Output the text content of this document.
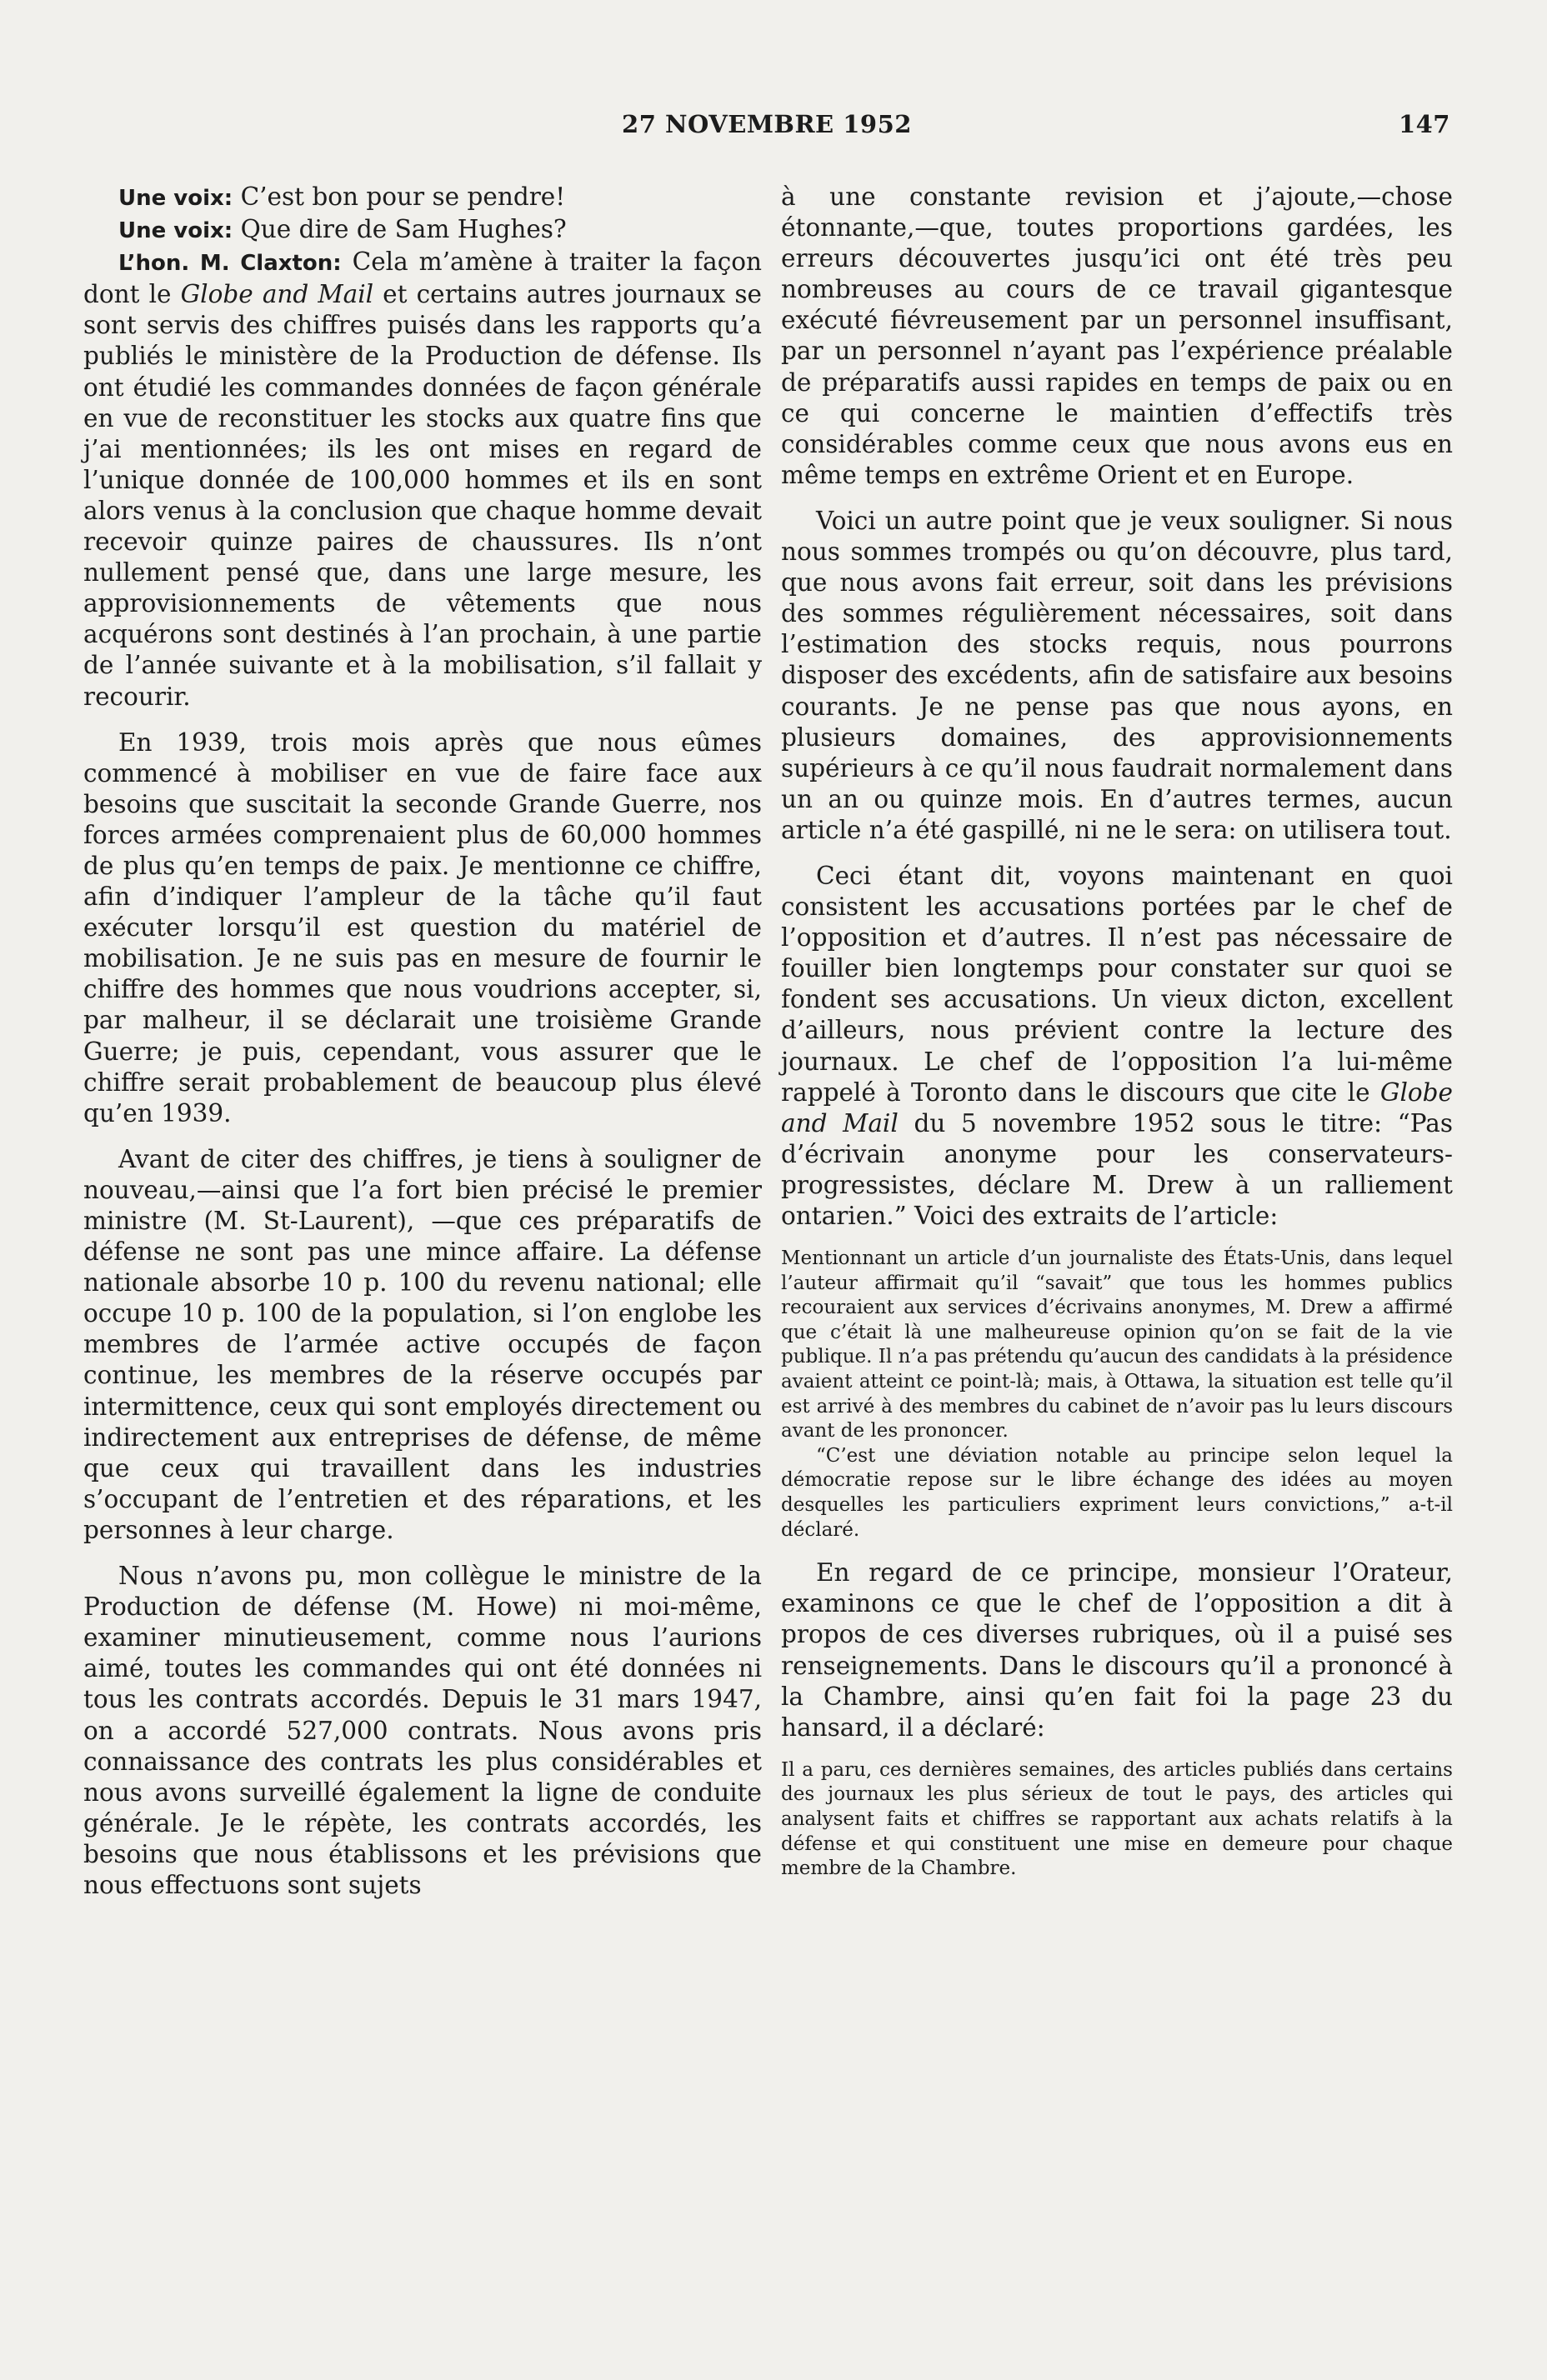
27 NOVEMBRE 1952	147

Une voix: C’est bon pour se pendre!

Une voix: Que dire de Sam Hughes?

L’hon. M. Claxton: Cela m’amène à traiter la façon dont le Globe and Mail et certains autres journaux se sont servis des chiffres puisés dans les rapports qu’a publiés le ministère de la Production de défense. Ils ont étudié les commandes données de façon générale en vue de reconstituer les stocks aux quatre fins que j’ai mentionnées; ils les ont mises en regard de l’unique donnée de 100,000 hommes et ils en sont alors venus à la conclusion que chaque homme devait recevoir quinze paires de chaussures. Ils n’ont nullement pensé que, dans une large mesure, les approvisionnements de vêtements que nous acquérons sont destinés à l’an prochain, à une partie de l’année suivante et à la mobilisation, s’il fallait y recourir.

En 1939, trois mois après que nous eûmes commencé à mobiliser en vue de faire face aux besoins que suscitait la seconde Grande Guerre, nos forces armées comprenaient plus de 60,000 hommes de plus qu’en temps de paix. Je mentionne ce chiffre, afin d’indiquer l’ampleur de la tâche qu’il faut exécuter lorsqu’il est question du matériel de mobilisation. Je ne suis pas en mesure de fournir le chiffre des hommes que nous voudrions accepter, si, par malheur, il se déclarait une troisième Grande Guerre; je puis, cependant, vous assurer que le chiffre serait probablement de beaucoup plus élevé qu’en 1939.

Avant de citer des chiffres, je tiens à souligner de nouveau,—ainsi que l’a fort bien précisé le premier ministre (M. St-Laurent), —que ces préparatifs de défense ne sont pas une mince affaire. La défense nationale absorbe 10 p. 100 du revenu national; elle occupe 10 p. 100 de la population, si l’on englobe les membres de l’armée active occupés de façon continue, les membres de la réserve occupés par intermittence, ceux qui sont employés directement ou indirectement aux entreprises de défense, de même que ceux qui travaillent dans les industries s’occupant de l’entretien et des réparations, et les personnes à leur charge.

Nous n’avons pu, mon collègue le ministre de la Production de défense (M. Howe) ni moi-même, examiner minutieusement, comme nous l’aurions aimé, toutes les commandes qui ont été données ni tous les contrats accordés. Depuis le 31 mars 1947, on a accordé 527,000 contrats. Nous avons pris connaissance des contrats les plus considérables et nous avons surveillé également la ligne de conduite générale. Je le répète, les contrats accordés, les besoins que nous établissons et les prévisions que nous effectuons sont sujets

à une constante revision et j’ajoute,—chose étonnante,—que, toutes proportions gardées, les erreurs découvertes jusqu’ici ont été très peu nombreuses au cours de ce travail gigantesque exécuté fiévreusement par un personnel insuffisant, par un personnel n’ayant pas l’expérience préalable de préparatifs aussi rapides en temps de paix ou en ce qui concerne le maintien d’effectifs très considérables comme ceux que nous avons eus en même temps en extrême Orient et en Europe.

Voici un autre point que je veux souligner. Si nous nous sommes trompés ou qu’on découvre, plus tard, que nous avons fait erreur, soit dans les prévisions des sommes régulièrement nécessaires, soit dans l’estimation des stocks requis, nous pourrons disposer des excédents, afin de satisfaire aux besoins courants. Je ne pense pas que nous ayons, en plusieurs domaines, des approvisionnements supérieurs à ce qu’il nous faudrait normalement dans un an ou quinze mois. En d’autres termes, aucun article n’a été gaspillé, ni ne le sera: on utilisera tout.

Ceci étant dit, voyons maintenant en quoi consistent les accusations portées par le chef de l’opposition et d’autres. Il n’est pas nécessaire de fouiller bien longtemps pour constater sur quoi se fondent ses accusations. Un vieux dicton, excellent d’ailleurs, nous prévient contre la lecture des journaux. Le chef de l’opposition l’a lui-même rappelé à Toronto dans le discours que cite le Globe and Mail du 5 novembre 1952 sous le titre: “Pas d’écrivain anonyme pour les conservateurs-progressistes, déclare M. Drew à un ralliement ontarien.” Voici des extraits de l’article:

Mentionnant un article d’un journaliste des États-Unis, dans lequel l’auteur affirmait qu’il “savait” que tous les hommes publics recouraient aux services d’écrivains anonymes, M. Drew a affirmé que c’était là une malheureuse opinion qu’on se fait de la vie publique. Il n’a pas prétendu qu’aucun des candidats à la présidence avaient atteint ce point-là; mais, à Ottawa, la situation est telle qu’il est arrivé à des membres du cabinet de n’avoir pas lu leurs discours avant de les prononcer.

“C’est une déviation notable au principe selon lequel la démocratie repose sur le libre échange des idées au moyen desquelles les particuliers expriment leurs convictions,” a-t-il déclaré.

En regard de ce principe, monsieur l’Orateur, examinons ce que le chef de l’opposition a dit à propos de ces diverses rubriques, où il a puisé ses renseignements. Dans le discours qu’il a prononcé à la Chambre, ainsi qu’en fait foi la page 23 du hansard, il a déclaré:

Il a paru, ces dernières semaines, des articles publiés dans certains des journaux les plus sérieux de tout le pays, des articles qui analysent faits et chiffres se rapportant aux achats relatifs à la défense et qui constituent une mise en demeure pour chaque membre de la Chambre.
